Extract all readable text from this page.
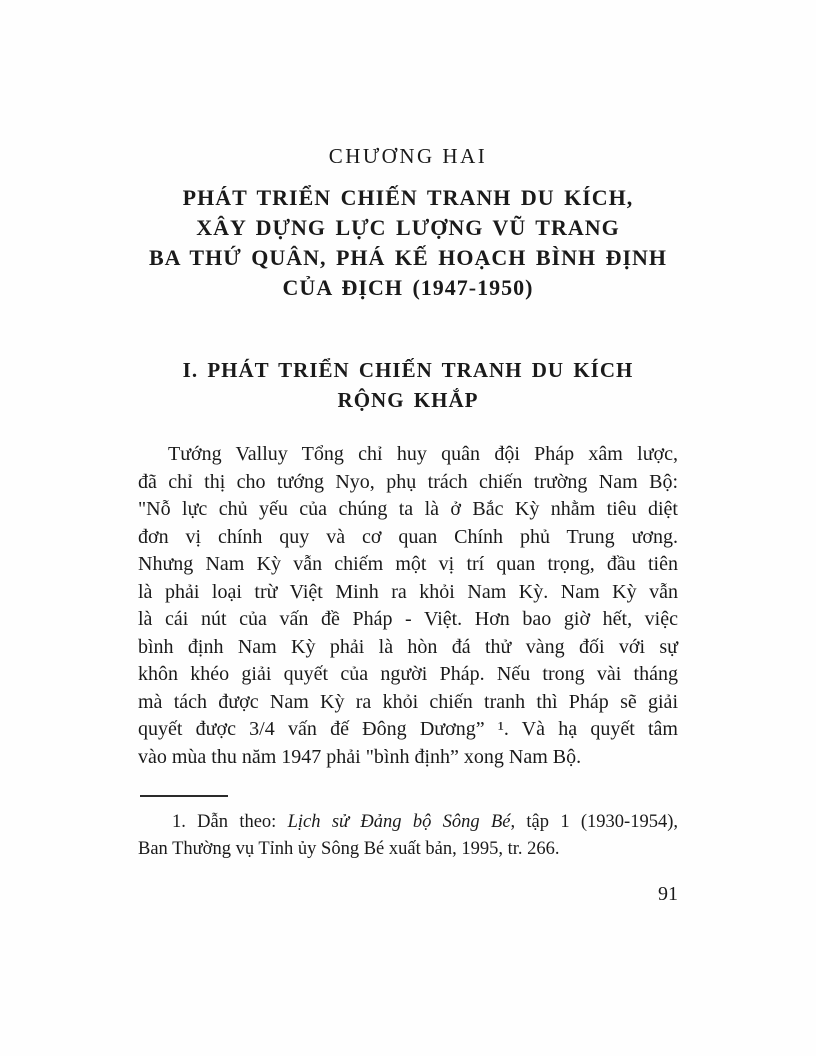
CHƯƠNG HAI
PHÁT TRIỂN CHIẾN TRANH DU KÍCH,
XÂY DỰNG LỰC LƯỢNG VŨ TRANG
BA THỨ QUÂN, PHÁ KẾ HOẠCH BÌNH ĐỊNH
CỦA ĐỊCH (1947-1950)
I. PHÁT TRIỂN CHIẾN TRANH DU KÍCH
RỘNG KHẮP
Tướng Valluy Tổng chỉ huy quân đội Pháp xâm lược,
đã chỉ thị cho tướng Nyo, phụ trách chiến trường Nam Bộ:
"Nỗ lực chủ yếu của chúng ta là ở Bắc Kỳ nhằm tiêu diệt
đơn vị chính quy và cơ quan Chính phủ Trung ương.
Nhưng Nam Kỳ vẫn chiếm một vị trí quan trọng, đầu tiên
là phải loại trừ Việt Minh ra khỏi Nam Kỳ. Nam Kỳ vẫn
là cái nút của vấn đề Pháp - Việt. Hơn bao giờ hết, việc
bình định Nam Kỳ phải là hòn đá thử vàng đối với sự
khôn khéo giải quyết của người Pháp. Nếu trong vài tháng
mà tách được Nam Kỳ ra khỏi chiến tranh thì Pháp sẽ giải
quyết được 3/4 vấn đế Đông Dương” ¹. Và hạ quyết tâm
vào mùa thu năm 1947 phải "bình định” xong Nam Bộ.
1. Dẫn theo: Lịch sử Đảng bộ Sông Bé, tập 1 (1930-1954),
Ban Thường vụ Tỉnh ủy Sông Bé xuất bản, 1995, tr. 266.
91
